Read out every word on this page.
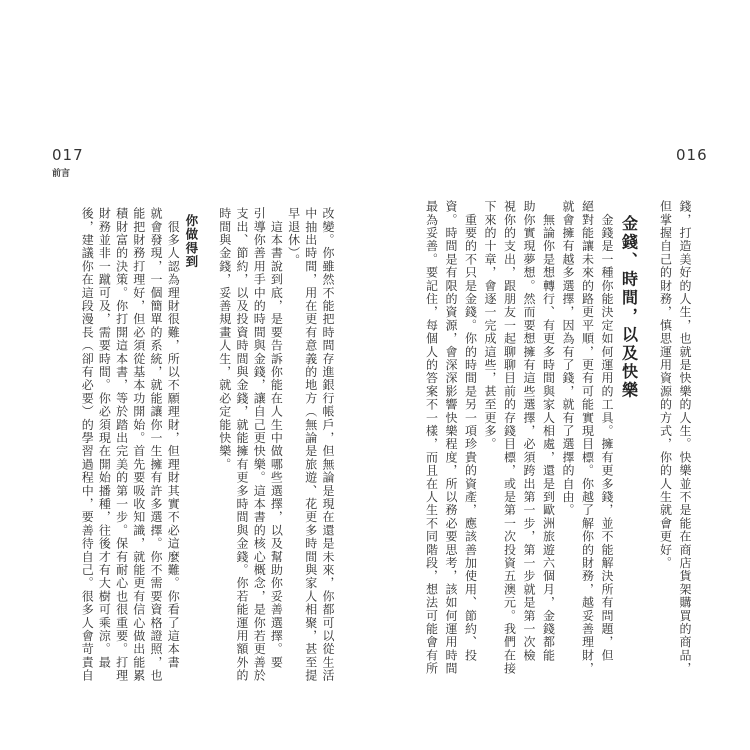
017
前言
改變。你雖然不能把時間存進銀行帳戶，但無論是現在還是未來，你都可以從生活
中抽出時間，用在更有意義的地方（無論是旅遊、花更多時間與家人相聚，甚至提
早退休）。
　這本書說到底，是要告訴你能在人生中做哪些選擇，以及幫助你妥善選擇。要
引導你善用手中的時間與金錢，讓自己更快樂。這本書的核心概念，是你若更善於
支出、節約，以及投資時間與金錢，就能擁有更多時間與金錢。你若能運用額外的
時間與金錢，妥善規畫人生，就必定能快樂。
你做得到
　很多人認為理財很難，所以不願理財，但理財其實不必這麼難。你看了這本書
就會發現，一個簡單的系統，就能讓你一生擁有許多選擇。你不需要資格證照，也
能把財務打理好，但必須從基本功開始。首先要吸收知識，就能更有信心做出能累
積財富的決策。你打開這本書，等於踏出完美的第一步。保有耐心也很重要。打理
財務並非一蹴可及，需要時間。你必須現在開始播種，往後才有大樹可乘涼。最
後，建議你在這段漫長（卻有必要）的學習過程中，要善待自己。很多人會苛責自
016
錢，打造美好的人生，也就是快樂的人生。快樂並不是能在商店貨架購買的商品，
但掌握自己的財務，慎思運用資源的方式，你的人生就會更好。
金錢、時間，以及快樂
　金錢是一種你能決定如何運用的工具。擁有更多錢，並不能解決所有問題，但
絕對能讓未來的路更平順，更有可能實現目標。你越了解你的財務，越妥善理財，
就會擁有越多選擇，因為有了錢，就有了選擇的自由。
　無論你是想轉行、有更多時間與家人相處，還是到歐洲旅遊六個月，金錢都能
助你實現夢想。然而要想擁有這些選擇，必須跨出第一步，第一步就是第一次檢
視你的支出，跟朋友一起聊聊目前的存錢目標，或是第一次投資五澳元。我們在接
下來的十章，會逐一完成這些，甚至更多。
　重要的不只是金錢。你的時間是另一項珍貴的資產，應該善加使用、節約、投
資。時間是有限的資源，會深深影響快樂程度，所以務必要思考，該如何運用時間
最為妥善。要記住，每個人的答案不一樣，而且在人生不同階段，想法可能會有所
